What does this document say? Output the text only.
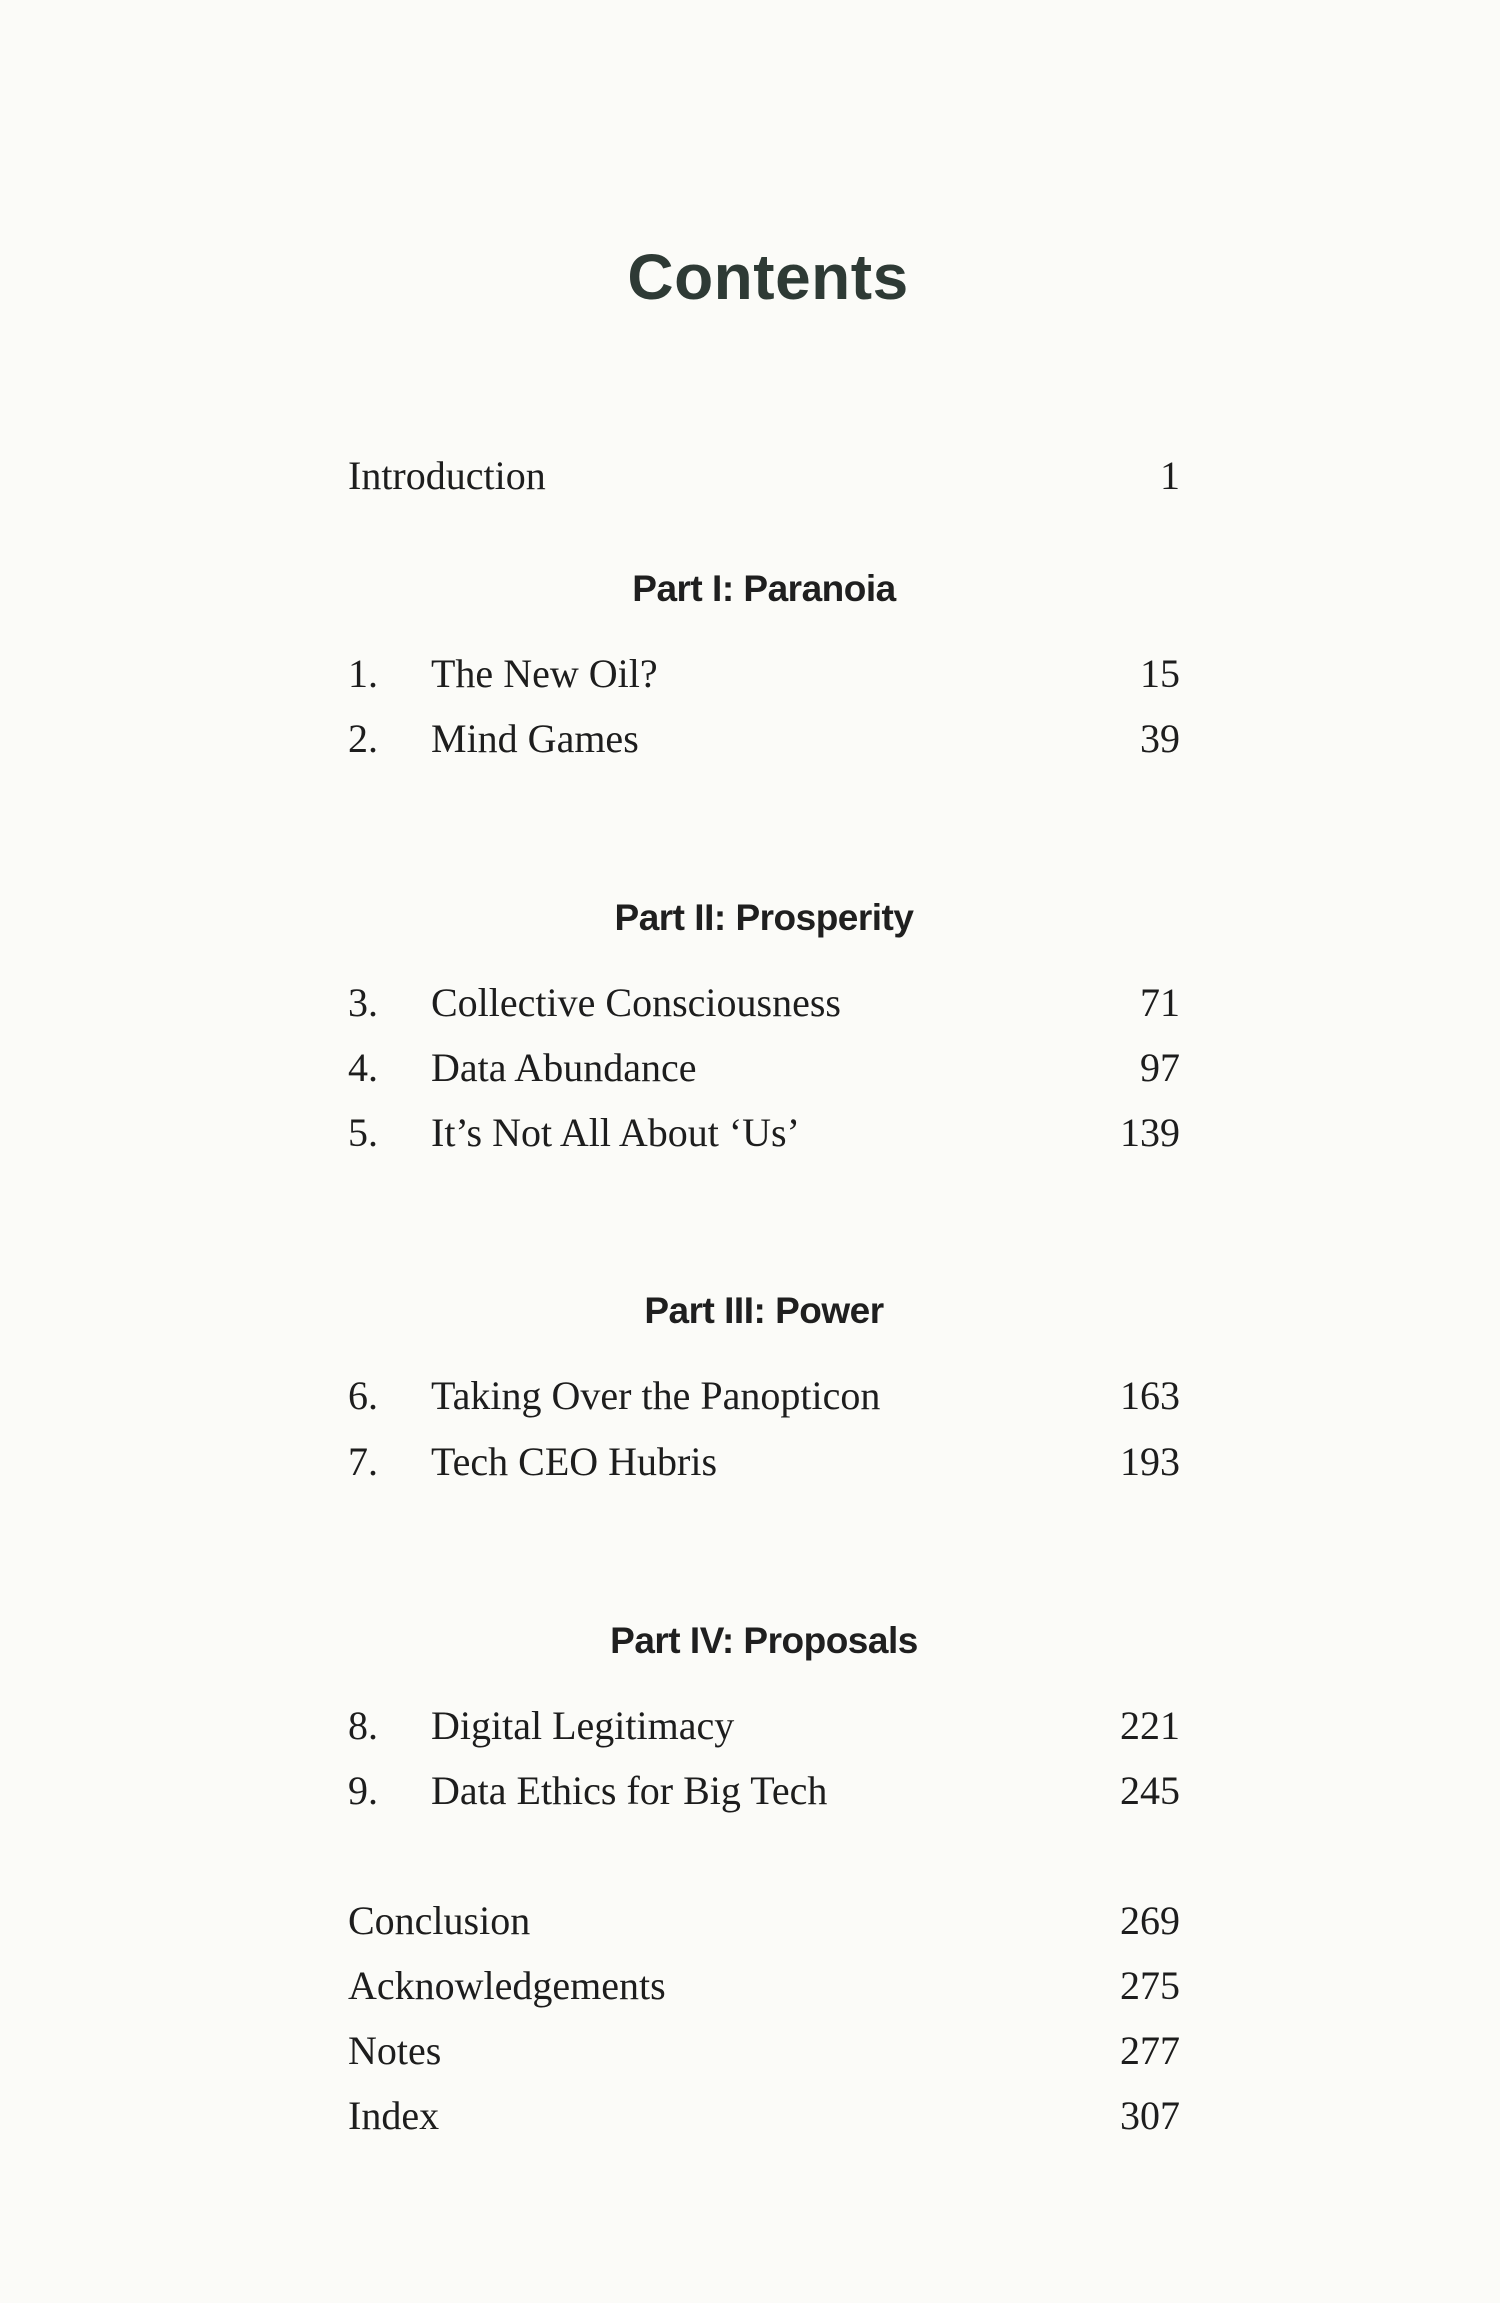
Contents
Introduction	1
Part I: Paranoia
1. The New Oil?	15
2. Mind Games	39
Part II: Prosperity
3. Collective Consciousness	71
4. Data Abundance	97
5. It’s Not All About ‘Us’	139
Part III: Power
6. Taking Over the Panopticon	163
7. Tech CEO Hubris	193
Part IV: Proposals
8. Digital Legitimacy	221
9. Data Ethics for Big Tech	245
Conclusion	269
Acknowledgements	275
Notes	277
Index	307
